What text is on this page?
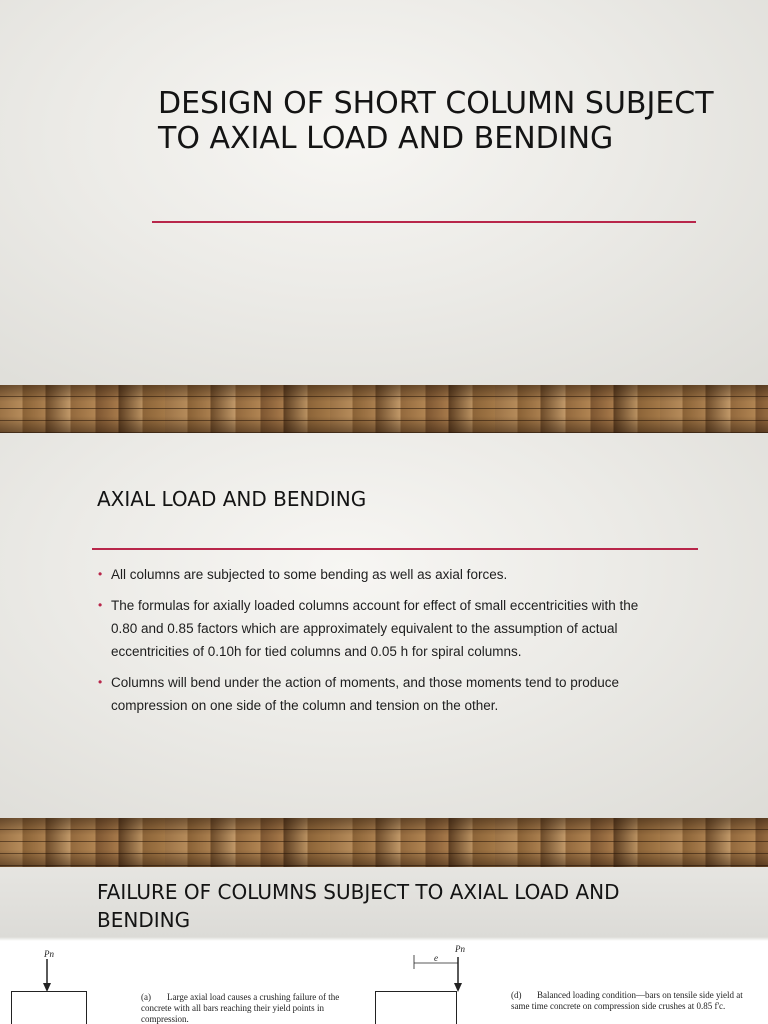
DESIGN OF SHORT COLUMN SUBJECT TO AXIAL LOAD AND BENDING
AXIAL LOAD AND BENDING
• All columns are subjected to some bending as well as axial forces.
• The formulas for axially loaded columns account for effect of small eccentricities with the 0.80 and 0.85 factors which are approximately equivalent to the assumption of actual eccentricities of 0.10h for tied columns and 0.05 h for spiral columns.
• Columns will bend under the action of moments, and those moments tend to produce compression on one side of the column and tension on the other.
FAILURE OF COLUMNS SUBJECT TO AXIAL LOAD AND BENDING
Pn
(a) Large axial load causes a crushing failure of the concrete with all bars reaching their yield points in compression.
Pn
e
(d) Balanced loading condition—bars on tensile side yield at same time concrete on compression side crushes at 0.85 f'c.
